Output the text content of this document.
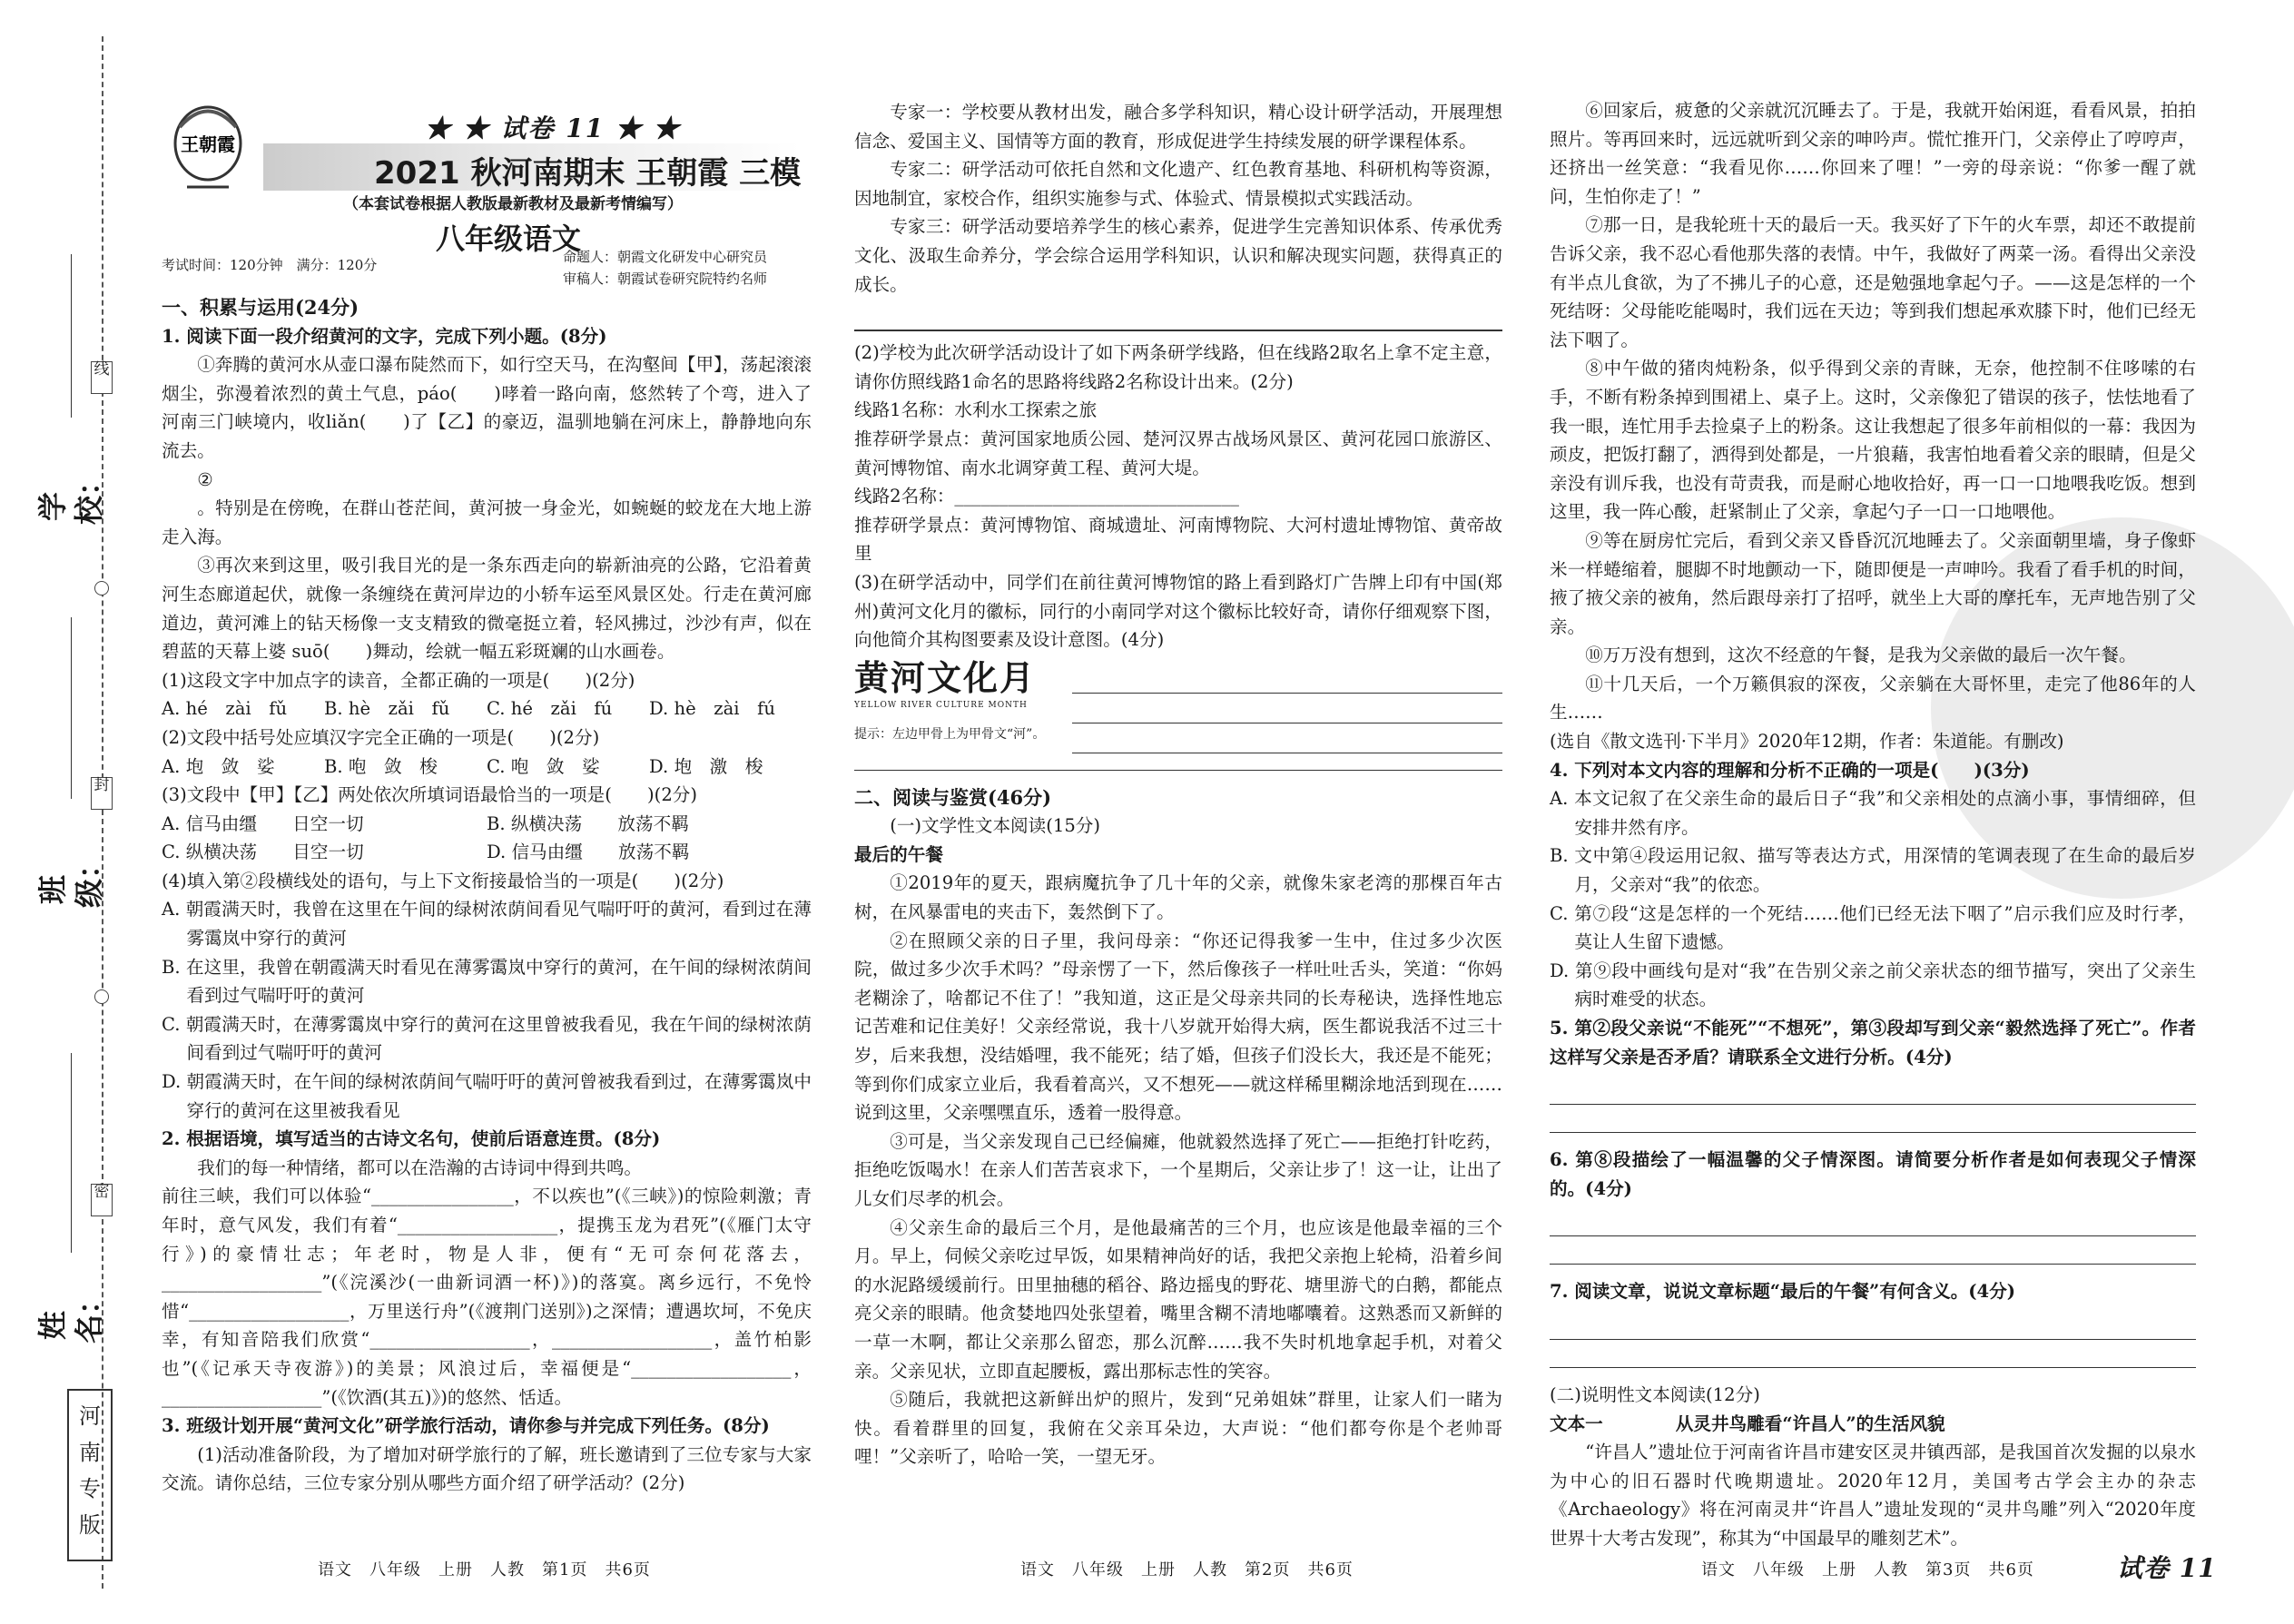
线
封
密
学校：
班级：
姓名：
河南专版
王朝霞
★ ★ 试卷 11 ★ ★
2021 秋河南期末 王朝霞 三模
（本套试卷根据人教版最新教材及最新考情编写）
八年级语文
考试时间：120分钟　满分：120分	命题人：朝霞文化研发中心研究员
审稿人：朝霞试卷研究院特约名师

一、积累与运用(24分)

1. 阅读下面一段介绍黄河的文字，完成下列小题。(8分)

①奔腾的黄河水从壶口瀑布陡然而下，如行空天马，在沟壑间【甲】，荡起滚滚烟尘，弥漫着浓烈的黄土气息，páo(　　)哮着一路向南，悠然转了个弯，进入了河南三门峡境内，收liǎn(　　)了【乙】的豪迈，温驯地躺在河床上，静静地向东流去。

②

。特别是在傍晚，在群山苍茫间，黄河披一身金光，如蜿蜒的蛟龙在大地上游走入海。

③再次来到这里，吸引我目光的是一条东西走向的崭新油亮的公路，它沿着黄河生态廊道起伏，就像一条缠绕在黄河岸边的小轿车运至风景区处。行走在黄河廊道边，黄河滩上的钻天杨像一支支精致的微毫挺立着，轻风拂过，沙沙有声，似在碧蓝的天幕上婆 suō(　　)舞动，绘就一幅五彩斑斓的山水画卷。

(1)这段文字中加点字的读音，全都正确的一项是(　　)(2分)

A. hé　zài　fǔ	B. hè　zǎi　fǔ	C. hé　zǎi　fú	D. hè　zài　fú

(2)文段中括号处应填汉字完全正确的一项是(　　)(2分)

A. 垉　敛　娑	B. 咆　敛　梭	C. 咆　敛　娑	D. 垉　激　梭

(3)文段中【甲】【乙】两处依次所填词语最恰当的一项是(　　)(2分)

A. 信马由缰　　日空一切	B. 纵横决荡　　放荡不羁
C. 纵横决荡　　目空一切	D. 信马由缰　　放荡不羁

(4)填入第②段横线处的语句，与上下文衔接最恰当的一项是(　　)(2分)

A. 朝霞满天时，我曾在这里在午间的绿树浓荫间看见气喘吁吁的黄河，看到过在薄雾霭岚中穿行的黄河

B. 在这里，我曾在朝霞满天时看见在薄雾霭岚中穿行的黄河，在午间的绿树浓荫间看到过气喘吁吁的黄河

C. 朝霞满天时，在薄雾霭岚中穿行的黄河在这里曾被我看见，我在午间的绿树浓荫间看到过气喘吁吁的黄河

D. 朝霞满天时，在午间的绿树浓荫间气喘吁吁的黄河曾被我看到过，在薄雾霭岚中穿行的黄河在这里被我看见

2. 根据语境，填写适当的古诗文名句，使前后语意连贯。(8分)

我们的每一种情绪，都可以在浩瀚的古诗词中得到共鸣。

前往三峡，我们可以体验“________________，不以疾也”(《三峡》)的惊险刺激；青年时，意气风发，我们有着“__________________，提携玉龙为君死”(《雁门太守行》)的豪情壮志；年老时，物是人非，便有“无可奈何花落去，__________________”(《浣溪沙(一曲新词酒一杯)》)的落寞。离乡远行，不免怜惜“__________________，万里送行舟”(《渡荆门送别》)之深情；遭遇坎坷，不免庆幸，有知音陪我们欣赏“__________________，__________________，盖竹柏影也”(《记承天寺夜游》)的美景；风浪过后，幸福便是“__________________，__________________”(《饮酒(其五)》)的悠然、恬适。

3. 班级计划开展“黄河文化”研学旅行活动，请你参与并完成下列任务。(8分)

(1)活动准备阶段，为了增加对研学旅行的了解，班长邀请到了三位专家与大家交流。请你总结，三位专家分别从哪些方面介绍了研学活动？(2分)

专家一：学校要从教材出发，融合多学科知识，精心设计研学活动，开展理想信念、爱国主义、国情等方面的教育，形成促进学生持续发展的研学课程体系。

专家二：研学活动可依托自然和文化遗产、红色教育基地、科研机构等资源，因地制宜，家校合作，组织实施参与式、体验式、情景模拟式实践活动。

专家三：研学活动要培养学生的核心素养，促进学生完善知识体系、传承优秀文化、汲取生命养分，学会综合运用学科知识，认识和解决现实问题，获得真正的成长。

(2)学校为此次研学活动设计了如下两条研学线路，但在线路2取名上拿不定主意，请你仿照线路1命名的思路将线路2名称设计出来。(2分)

线路1名称：水利水工探索之旅

推荐研学景点：黄河国家地质公园、楚河汉界古战场风景区、黄河花园口旅游区、黄河博物馆、南水北调穿黄工程、黄河大堤。

线路2名称：________________________________

推荐研学景点：黄河博物馆、商城遗址、河南博物院、大河村遗址博物馆、黄帝故里

(3)在研学活动中，同学们在前往黄河博物馆的路上看到路灯广告牌上印有中国(郑州)黄河文化月的徽标，同行的小南同学对这个徽标比较好奇，请你仔细观察下图，向他简介其构图要素及设计意图。(4分)

黄河文化月
YELLOW RIVER CULTURE MONTH
提示：左边甲骨上为甲骨文“河”。

二、阅读与鉴赏(46分)

(一)文学性文本阅读(15分)

最后的午餐

①2019年的夏天，跟病魔抗争了几十年的父亲，就像朱家老湾的那棵百年古树，在风暴雷电的夹击下，轰然倒下了。

②在照顾父亲的日子里，我问母亲：“你还记得我爹一生中，住过多少次医院，做过多少次手术吗？”母亲愣了一下，然后像孩子一样吐吐舌头，笑道：“你妈老糊涂了，啥都记不住了！”我知道，这正是父母亲共同的长寿秘诀，选择性地忘记苦难和记住美好！父亲经常说，我十八岁就开始得大病，医生都说我活不过三十岁，后来我想，没结婚哩，我不能死；结了婚，但孩子们没长大，我还是不能死；等到你们成家立业后，我看着高兴，又不想死——就这样稀里糊涂地活到现在……说到这里，父亲嘿嘿直乐，透着一股得意。

③可是，当父亲发现自己已经偏瘫，他就毅然选择了死亡——拒绝打针吃药，拒绝吃饭喝水！在亲人们苦苦哀求下，一个星期后，父亲让步了！这一让，让出了儿女们尽孝的机会。

④父亲生命的最后三个月，是他最痛苦的三个月，也应该是他最幸福的三个月。早上，伺候父亲吃过早饭，如果精神尚好的话，我把父亲抱上轮椅，沿着乡间的水泥路缓缓前行。田里抽穗的稻谷、路边摇曳的野花、塘里游弋的白鹅，都能点亮父亲的眼睛。他贪婪地四处张望着，嘴里含糊不清地嘟囔着。这熟悉而又新鲜的一草一木啊，都让父亲那么留恋，那么沉醉……我不失时机地拿起手机，对着父亲。父亲见状，立即直起腰板，露出那标志性的笑容。

⑤随后，我就把这新鲜出炉的照片，发到“兄弟姐妹”群里，让家人们一睹为快。看着群里的回复，我俯在父亲耳朵边，大声说：“他们都夸你是个老帅哥哩！”父亲听了，哈哈一笑，一望无牙。

⑥回家后，疲惫的父亲就沉沉睡去了。于是，我就开始闲逛，看看风景，拍拍照片。等再回来时，远远就听到父亲的呻吟声。慌忙推开门，父亲停止了哼哼声，还挤出一丝笑意：“我看见你……你回来了哩！”一旁的母亲说：“你爹一醒了就问，生怕你走了！”

⑦那一日，是我轮班十天的最后一天。我买好了下午的火车票，却还不敢提前告诉父亲，我不忍心看他那失落的表情。中午，我做好了两菜一汤。看得出父亲没有半点儿食欲，为了不拂儿子的心意，还是勉强地拿起勺子。——这是怎样的一个死结呀：父母能吃能喝时，我们远在天边；等到我们想起承欢膝下时，他们已经无法下咽了。

⑧中午做的猪肉炖粉条，似乎得到父亲的青睐，无奈，他控制不住哆嗦的右手，不断有粉条掉到围裙上、桌子上。这时，父亲像犯了错误的孩子，怯怯地看了我一眼，连忙用手去捡桌子上的粉条。这让我想起了很多年前相似的一幕：我因为顽皮，把饭打翻了，洒得到处都是，一片狼藉，我害怕地看着父亲的眼睛，但是父亲没有训斥我，也没有苛责我，而是耐心地收拾好，再一口一口地喂我吃饭。想到这里，我一阵心酸，赶紧制止了父亲，拿起勺子一口一口地喂他。

⑨等在厨房忙完后，看到父亲又昏昏沉沉地睡去了。父亲面朝里墙，身子像虾米一样蜷缩着，腿脚不时地颤动一下，随即便是一声呻吟。我看了看手机的时间，掖了掖父亲的被角，然后跟母亲打了招呼，就坐上大哥的摩托车，无声地告别了父亲。

⑩万万没有想到，这次不经意的午餐，是我为父亲做的最后一次午餐。

⑪十几天后，一个万籁俱寂的深夜，父亲躺在大哥怀里，走完了他86年的人生……

(选自《散文选刊·下半月》2020年12期，作者：朱道能。有删改)

4. 下列对本文内容的理解和分析不正确的一项是(　　)(3分)

A. 本文记叙了在父亲生命的最后日子“我”和父亲相处的点滴小事，事情细碎，但安排井然有序。

B. 文中第④段运用记叙、描写等表达方式，用深情的笔调表现了在生命的最后岁月，父亲对“我”的依恋。

C. 第⑦段“这是怎样的一个死结……他们已经无法下咽了”启示我们应及时行孝，莫让人生留下遗憾。

D. 第⑨段中画线句是对“我”在告别父亲之前父亲状态的细节描写，突出了父亲生病时难受的状态。

5. 第②段父亲说“不能死”“不想死”，第③段却写到父亲“毅然选择了死亡”。作者这样写父亲是否矛盾？请联系全文进行分析。(4分)

6. 第⑧段描绘了一幅温馨的父子情深图。请简要分析作者是如何表现父子情深的。(4分)

7. 阅读文章，说说文章标题“最后的午餐”有何含义。(4分)

(二)说明性文本阅读(12分)

文本一	从灵井鸟雕看“许昌人”的生活风貌

“许昌人”遗址位于河南省许昌市建安区灵井镇西部，是我国首次发掘的以泉水为中心的旧石器时代晚期遗址。2020年12月，美国考古学会主办的杂志《Archaeology》将在河南灵井“许昌人”遗址发现的“灵井鸟雕”列入“2020年度世界十大考古发现”，称其为“中国最早的雕刻艺术”。

语文　八年级　上册　人教　第1页　共6页	语文　八年级　上册　人教　第2页　共6页	语文　八年级　上册　人教　第3页　共6页	试卷 11
